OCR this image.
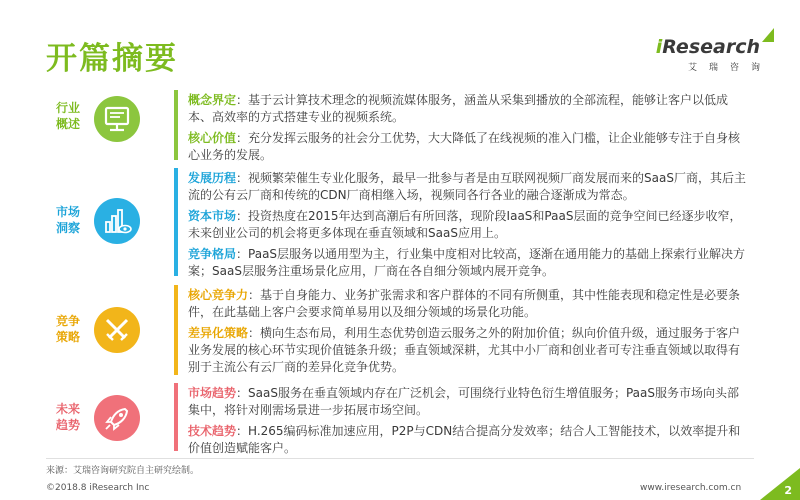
开篇摘要	iResearch
艾瑞咨询
行业
概述

概念界定：基于云计算技术理念的视频流媒体服务，涵盖从采集到播放的全部流程，能够让客户以低成本、高效率的方式搭建专业的视频系统。

核心价值：充分发挥云服务的社会分工优势，大大降低了在线视频的准入门槛，让企业能够专注于自身核心业务的发展。

市场
洞察

发展历程：视频繁荣催生专业化服务，最早一批参与者是由互联网视频厂商发展而来的SaaS厂商，其后主流的公有云厂商和传统的CDN厂商相继入场，视频同各行各业的融合逐渐成为常态。

资本市场：投资热度在2015年达到高潮后有所回落，现阶段IaaS和PaaS层面的竞争空间已经逐步收窄，未来创业公司的机会将更多体现在垂直领域和SaaS应用上。

竞争格局：PaaS层服务以通用型为主，行业集中度相对比较高，逐渐在通用能力的基础上探索行业解决方案；SaaS层服务注重场景化应用，厂商在各自细分领域内展开竞争。

竞争
策略

核心竞争力：基于自身能力、业务扩张需求和客户群体的不同有所侧重，其中性能表现和稳定性是必要条件，在此基础上客户会要求简单易用以及细分领域的场景化功能。

差异化策略：横向生态布局，利用生态优势创造云服务之外的附加价值；纵向价值升级，通过服务于客户业务发展的核心环节实现价值链条升级；垂直领域深耕，尤其中小厂商和创业者可专注垂直领域以取得有别于主流公有云厂商的差异化竞争优势。

未来
趋势

市场趋势：SaaS服务在垂直领域内存在广泛机会，可围绕行业特色衍生增值服务；PaaS服务市场向头部集中，将针对刚需场景进一步拓展市场空间。

技术趋势：H.265编码标准加速应用，P2P与CDN结合提高分发效率；结合人工智能技术，以效率提升和价值创造赋能客户。

来源：艾瑞咨询研究院自主研究绘制。
©2018.8 iResearch Inc	www.iresearch.com.cn	2
